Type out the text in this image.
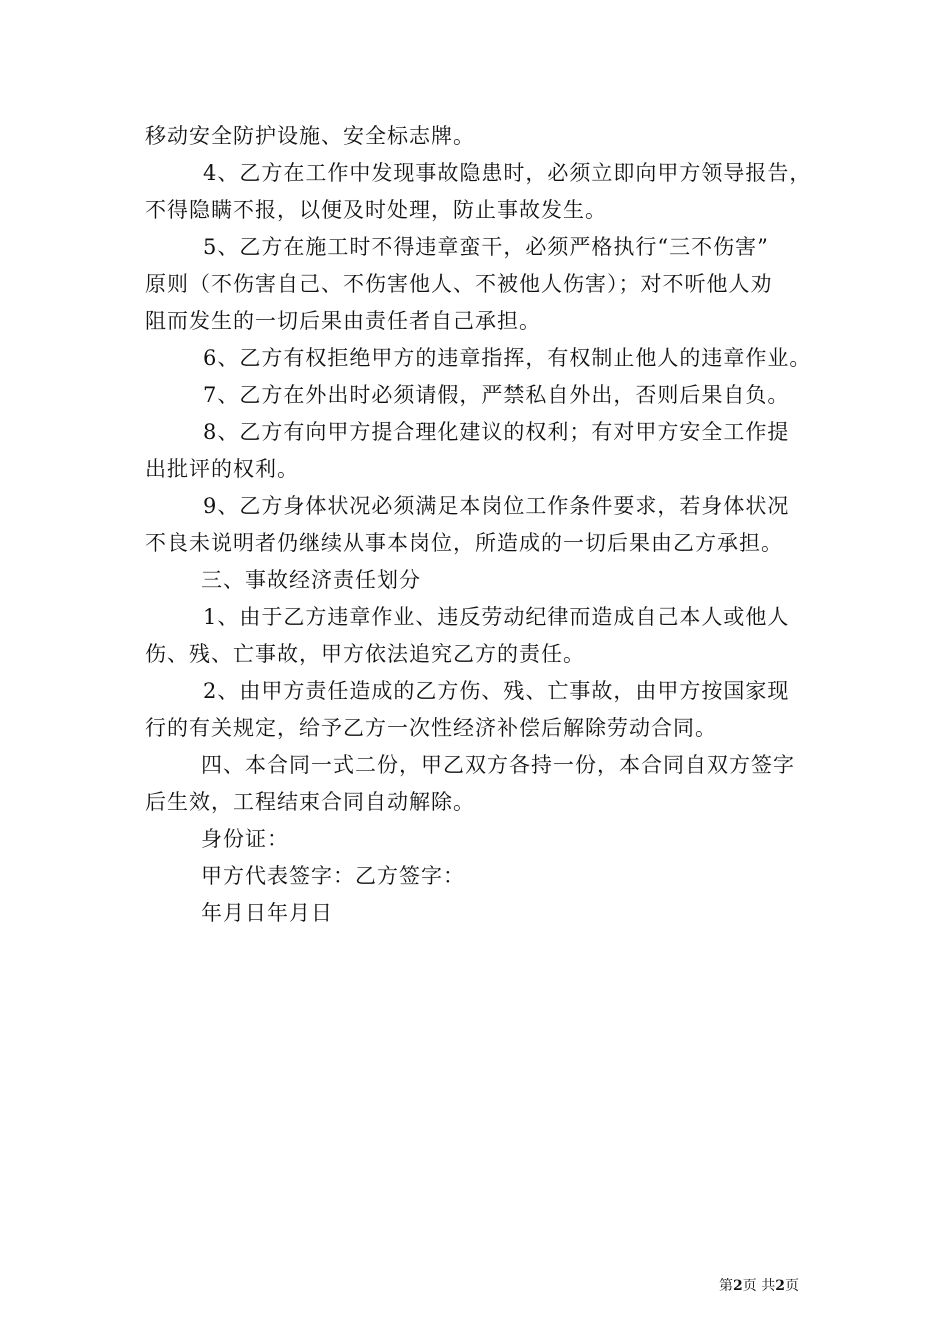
移动安全防护设施、安全标志牌。
4、乙方在工作中发现事故隐患时，必须立即向甲方领导报告，
不得隐瞒不报，以便及时处理，防止事故发生。
5、乙方在施工时不得违章蛮干，必须严格执行“三不伤害”
原则（不伤害自己、不伤害他人、不被他人伤害）；对不听他人劝
阻而发生的一切后果由责任者自己承担。
6、乙方有权拒绝甲方的违章指挥，有权制止他人的违章作业。
7、乙方在外出时必须请假，严禁私自外出，否则后果自负。
8、乙方有向甲方提合理化建议的权利；有对甲方安全工作提
出批评的权利。
9、乙方身体状况必须满足本岗位工作条件要求，若身体状况
不良未说明者仍继续从事本岗位，所造成的一切后果由乙方承担。
三、事故经济责任划分
1、由于乙方违章作业、违反劳动纪律而造成自己本人或他人
伤、残、亡事故，甲方依法追究乙方的责任。
2、由甲方责任造成的乙方伤、残、亡事故，由甲方按国家现
行的有关规定，给予乙方一次性经济补偿后解除劳动合同。
四、本合同一式二份，甲乙双方各持一份，本合同自双方签字
后生效，工程结束合同自动解除。
身份证：
甲方代表签字：乙方签字：
年月日年月日
第2页 共2页
